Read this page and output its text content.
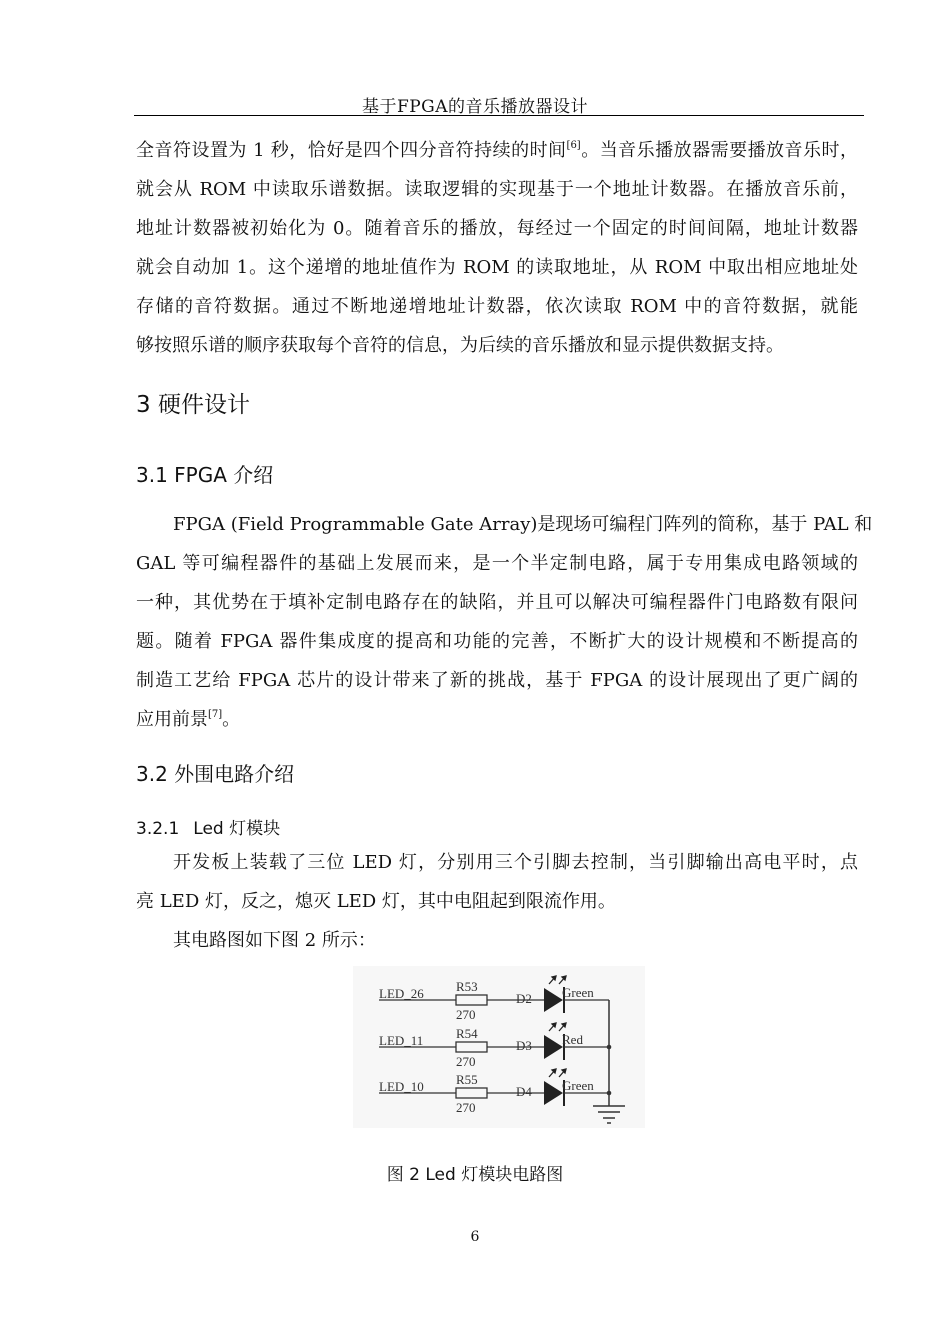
基于FPGA的音乐播放器设计
全音符设置为 1 秒，恰好是四个四分音符持续的时间[6]。当音乐播放器需要播放音乐时，
就会从 ROM 中读取乐谱数据。读取逻辑的实现基于一个地址计数器。在播放音乐前，
地址计数器被初始化为 0。随着音乐的播放，每经过一个固定的时间间隔，地址计数器
就会自动加 1。这个递增的地址值作为 ROM 的读取地址，从 ROM 中取出相应地址处
存储的音符数据。通过不断地递增地址计数器，依次读取 ROM 中的音符数据，就能
够按照乐谱的顺序获取每个音符的信息，为后续的音乐播放和显示提供数据支持。
3 硬件设计
3.1 FPGA 介绍
FPGA (Field Programmable Gate Array)是现场可编程门阵列的简称，基于 PAL 和
GAL 等可编程器件的基础上发展而来，是一个半定制电路，属于专用集成电路领域的
一种，其优势在于填补定制电路存在的缺陷，并且可以解决可编程器件门电路数有限问
题。随着 FPGA 器件集成度的提高和功能的完善，不断扩大的设计规模和不断提高的
制造工艺给 FPGA 芯片的设计带来了新的挑战，基于 FPGA 的设计展现出了更广阔的
应用前景[7]。
3.2 外围电路介绍
3.2.1 Led 灯模块
开发板上装载了三位 LED 灯，分别用三个引脚去控制，当引脚输出高电平时，点
亮 LED 灯，反之，熄灭 LED 灯，其中电阻起到限流作用。
其电路图如下图 2 所示：
LED_26 R53
270
D2 Green
LED_11	R54
270
D3 Red
LED_10 R55
270
D4 Green
图 2 Led 灯模块电路图
6
